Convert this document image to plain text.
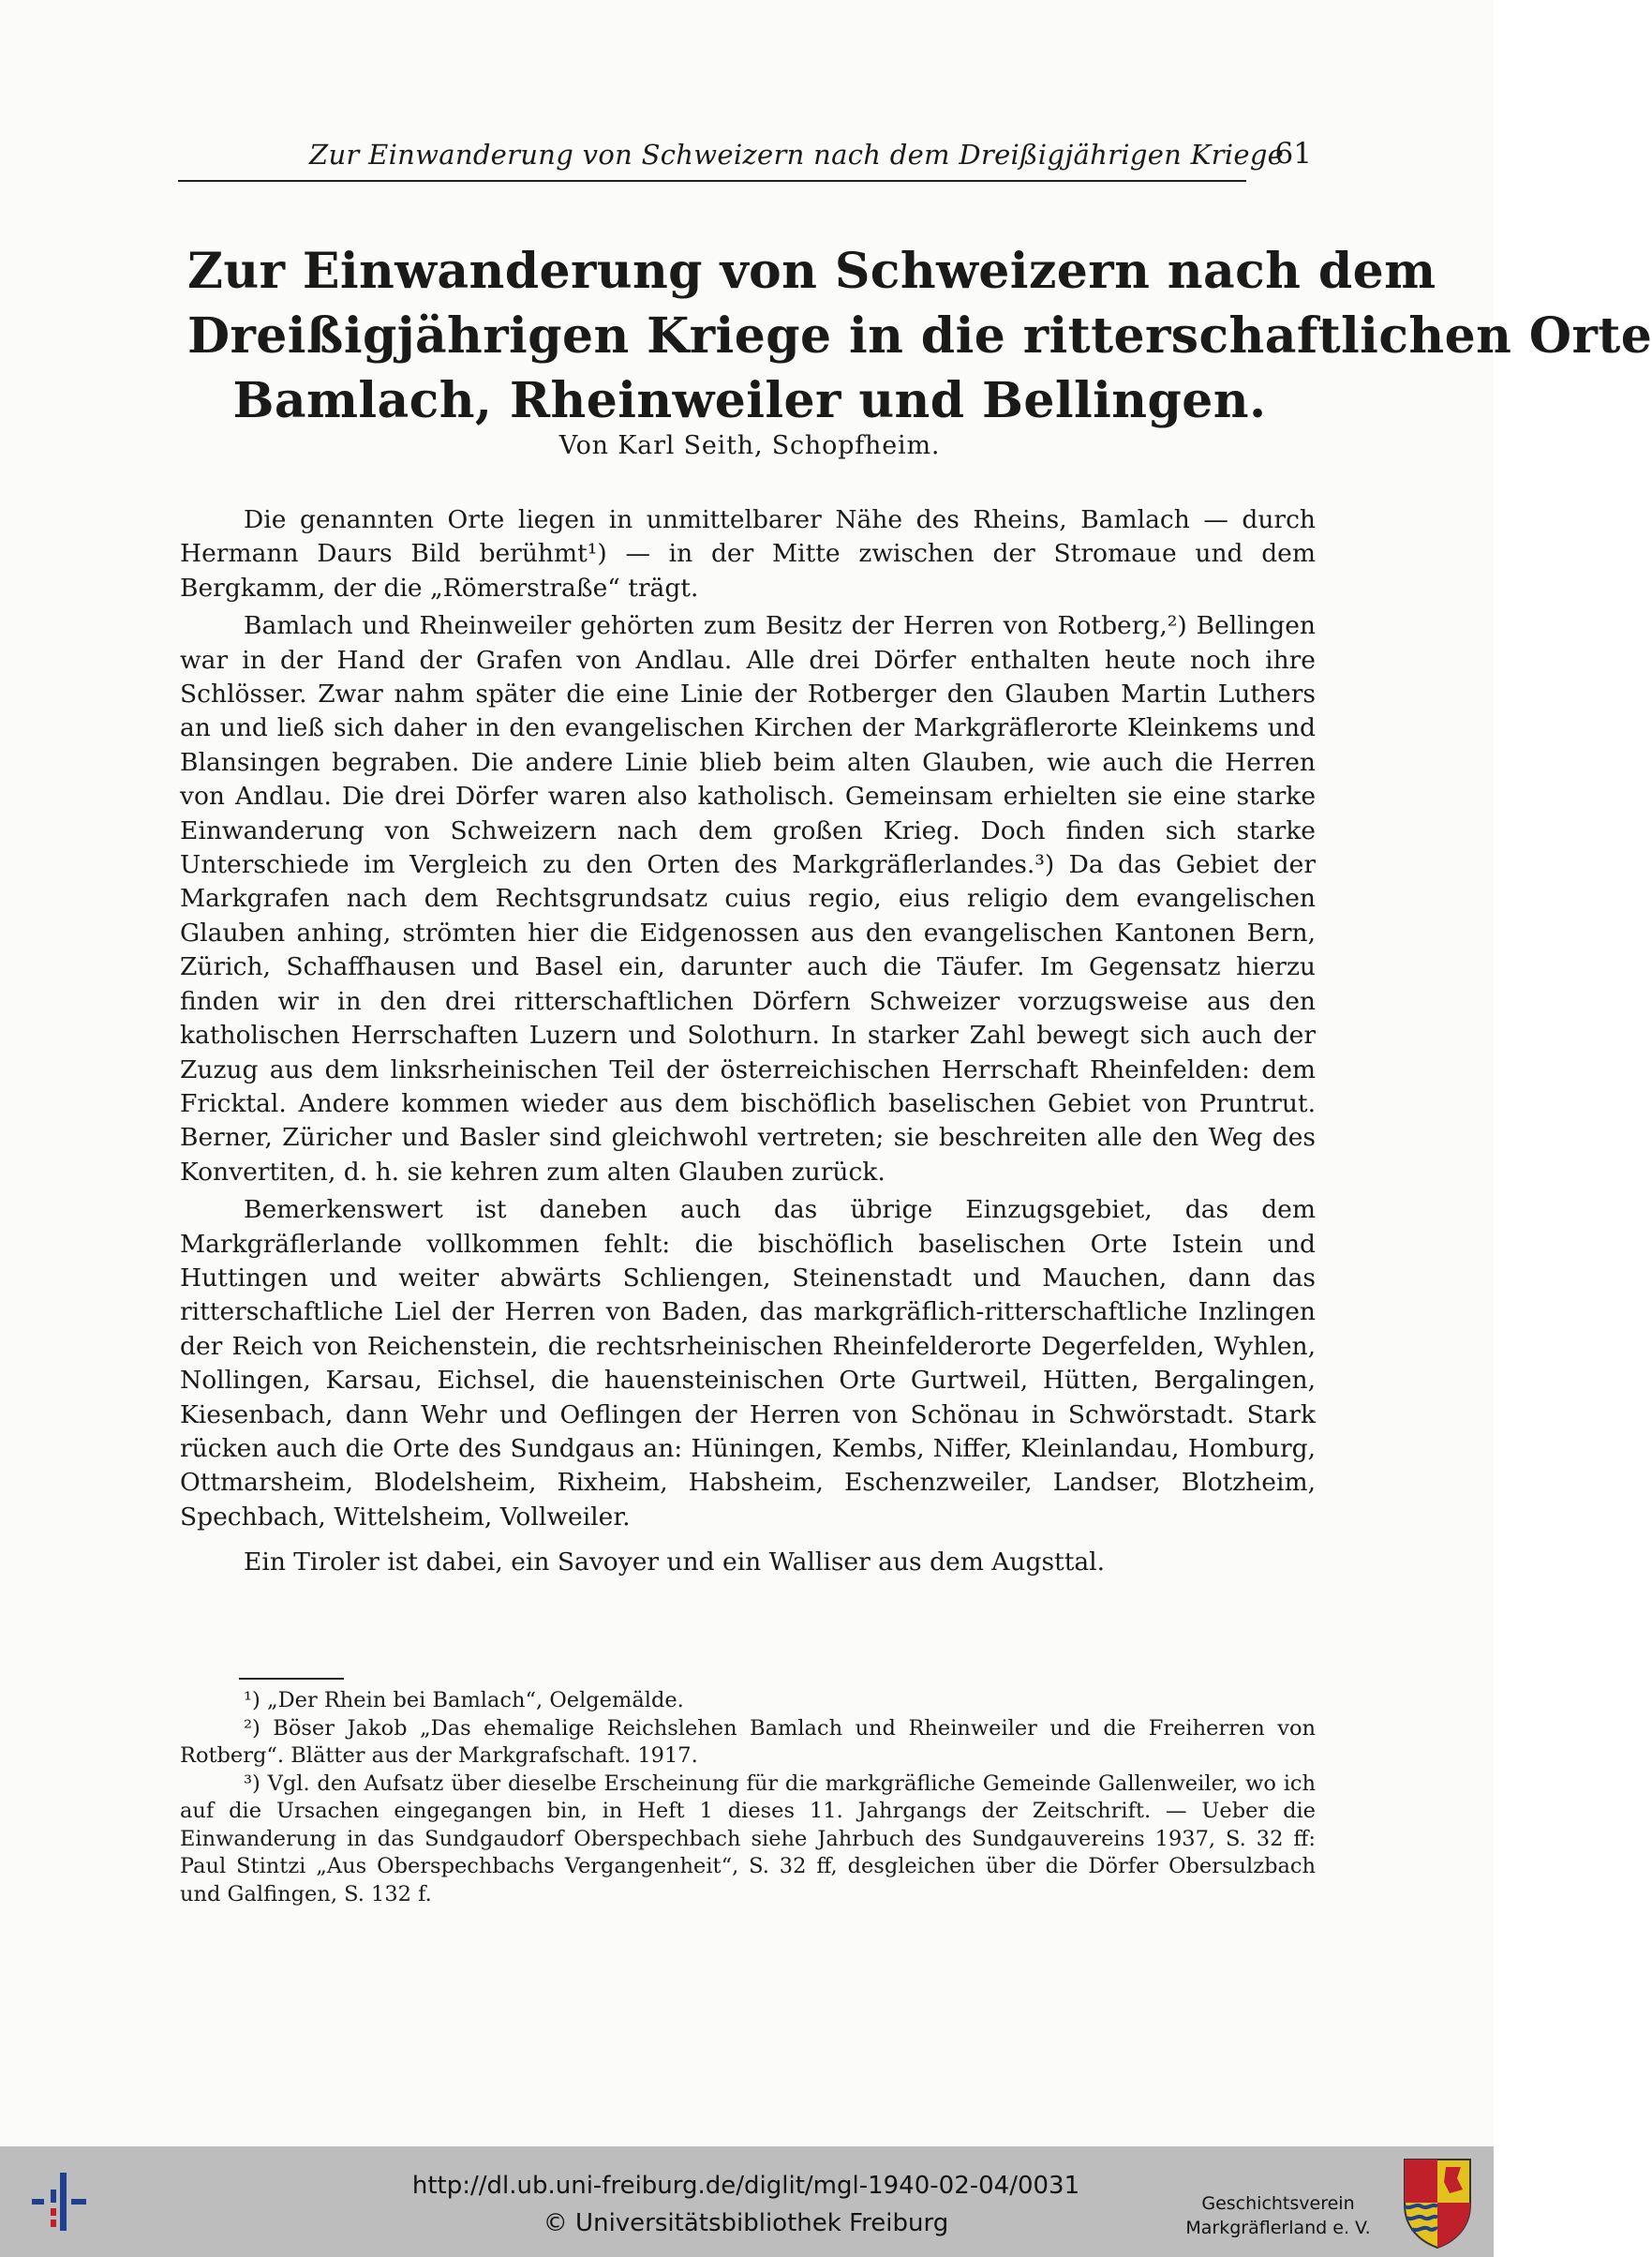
Zur Einwanderung von Schweizern nach dem Dreißigjährigen Kriege
61
Zur Einwanderung von Schweizern nach dem
Dreißigjährigen Kriege in die ritterschaftlichen Orte
Bamlach, Rheinweiler und Bellingen.
Von Karl Seith, Schopfheim.

Die genannten Orte liegen in unmittelbarer Nähe des Rheins, Bamlach — durch Hermann Daurs Bild berühmt¹) — in der Mitte zwischen der Stromaue und dem Bergkamm, der die „Römerstraße“ trägt.

Bamlach und Rheinweiler gehörten zum Besitz der Herren von Rotberg,²) Bellingen war in der Hand der Grafen von Andlau. Alle drei Dörfer enthalten heute noch ihre Schlösser. Zwar nahm später die eine Linie der Rotberger den Glauben Martin Luthers an und ließ sich daher in den evangelischen Kirchen der Markgräflerorte Kleinkems und Blansingen begraben. Die andere Linie blieb beim alten Glauben, wie auch die Herren von Andlau. Die drei Dörfer waren also katholisch. Gemeinsam erhielten sie eine starke Einwanderung von Schweizern nach dem großen Krieg. Doch finden sich starke Unterschiede im Vergleich zu den Orten des Markgräflerlandes.³) Da das Gebiet der Markgrafen nach dem Rechtsgrundsatz cuius regio, eius religio dem evangelischen Glauben anhing, strömten hier die Eidgenossen aus den evangelischen Kantonen Bern, Zürich, Schaffhausen und Basel ein, darunter auch die Täufer. Im Gegensatz hierzu finden wir in den drei ritterschaftlichen Dörfern Schweizer vorzugsweise aus den katholischen Herrschaften Luzern und Solothurn. In starker Zahl bewegt sich auch der Zuzug aus dem linksrheinischen Teil der österreichischen Herrschaft Rheinfelden: dem Fricktal. Andere kommen wieder aus dem bischöflich baselischen Gebiet von Pruntrut. Berner, Züricher und Basler sind gleichwohl vertreten; sie beschreiten alle den Weg des Konvertiten, d. h. sie kehren zum alten Glauben zurück.

Bemerkenswert ist daneben auch das übrige Einzugsgebiet, das dem Markgräflerlande vollkommen fehlt: die bischöflich baselischen Orte Istein und Huttingen und weiter abwärts Schliengen, Steinenstadt und Mauchen, dann das ritterschaftliche Liel der Herren von Baden, das markgräflich-ritterschaftliche Inzlingen der Reich von Reichenstein, die rechtsrheinischen Rheinfelderorte Degerfelden, Wyhlen, Nollingen, Karsau, Eichsel, die hauensteinischen Orte Gurtweil, Hütten, Bergalingen, Kiesenbach, dann Wehr und Oeflingen der Herren von Schönau in Schwörstadt. Stark rücken auch die Orte des Sundgaus an: Hüningen, Kembs, Niffer, Kleinlandau, Homburg, Ottmarsheim, Blodelsheim, Rixheim, Habsheim, Eschenzweiler, Landser, Blotzheim, Spechbach, Wittelsheim, Vollweiler.

Ein Tiroler ist dabei, ein Savoyer und ein Walliser aus dem Augsttal.

¹) „Der Rhein bei Bamlach“, Oelgemälde.

²) Böser Jakob „Das ehemalige Reichslehen Bamlach und Rheinweiler und die Freiherren von Rotberg“. Blätter aus der Markgrafschaft. 1917.

³) Vgl. den Aufsatz über dieselbe Erscheinung für die markgräfliche Gemeinde Gallenweiler, wo ich auf die Ursachen eingegangen bin, in Heft 1 dieses 11. Jahrgangs der Zeitschrift. — Ueber die Einwanderung in das Sundgaudorf Oberspechbach siehe Jahrbuch des Sundgauvereins 1937, S. 32 ff: Paul Stintzi „Aus Oberspechbachs Vergangenheit“, S. 32 ff, desgleichen über die Dörfer Obersulzbach und Galfingen, S. 132 f.

http://dl.ub.uni-freiburg.de/diglit/mgl-1940-02-04/0031
© Universitätsbibliothek Freiburg
Geschichtsverein
Markgräflerland e. V.
